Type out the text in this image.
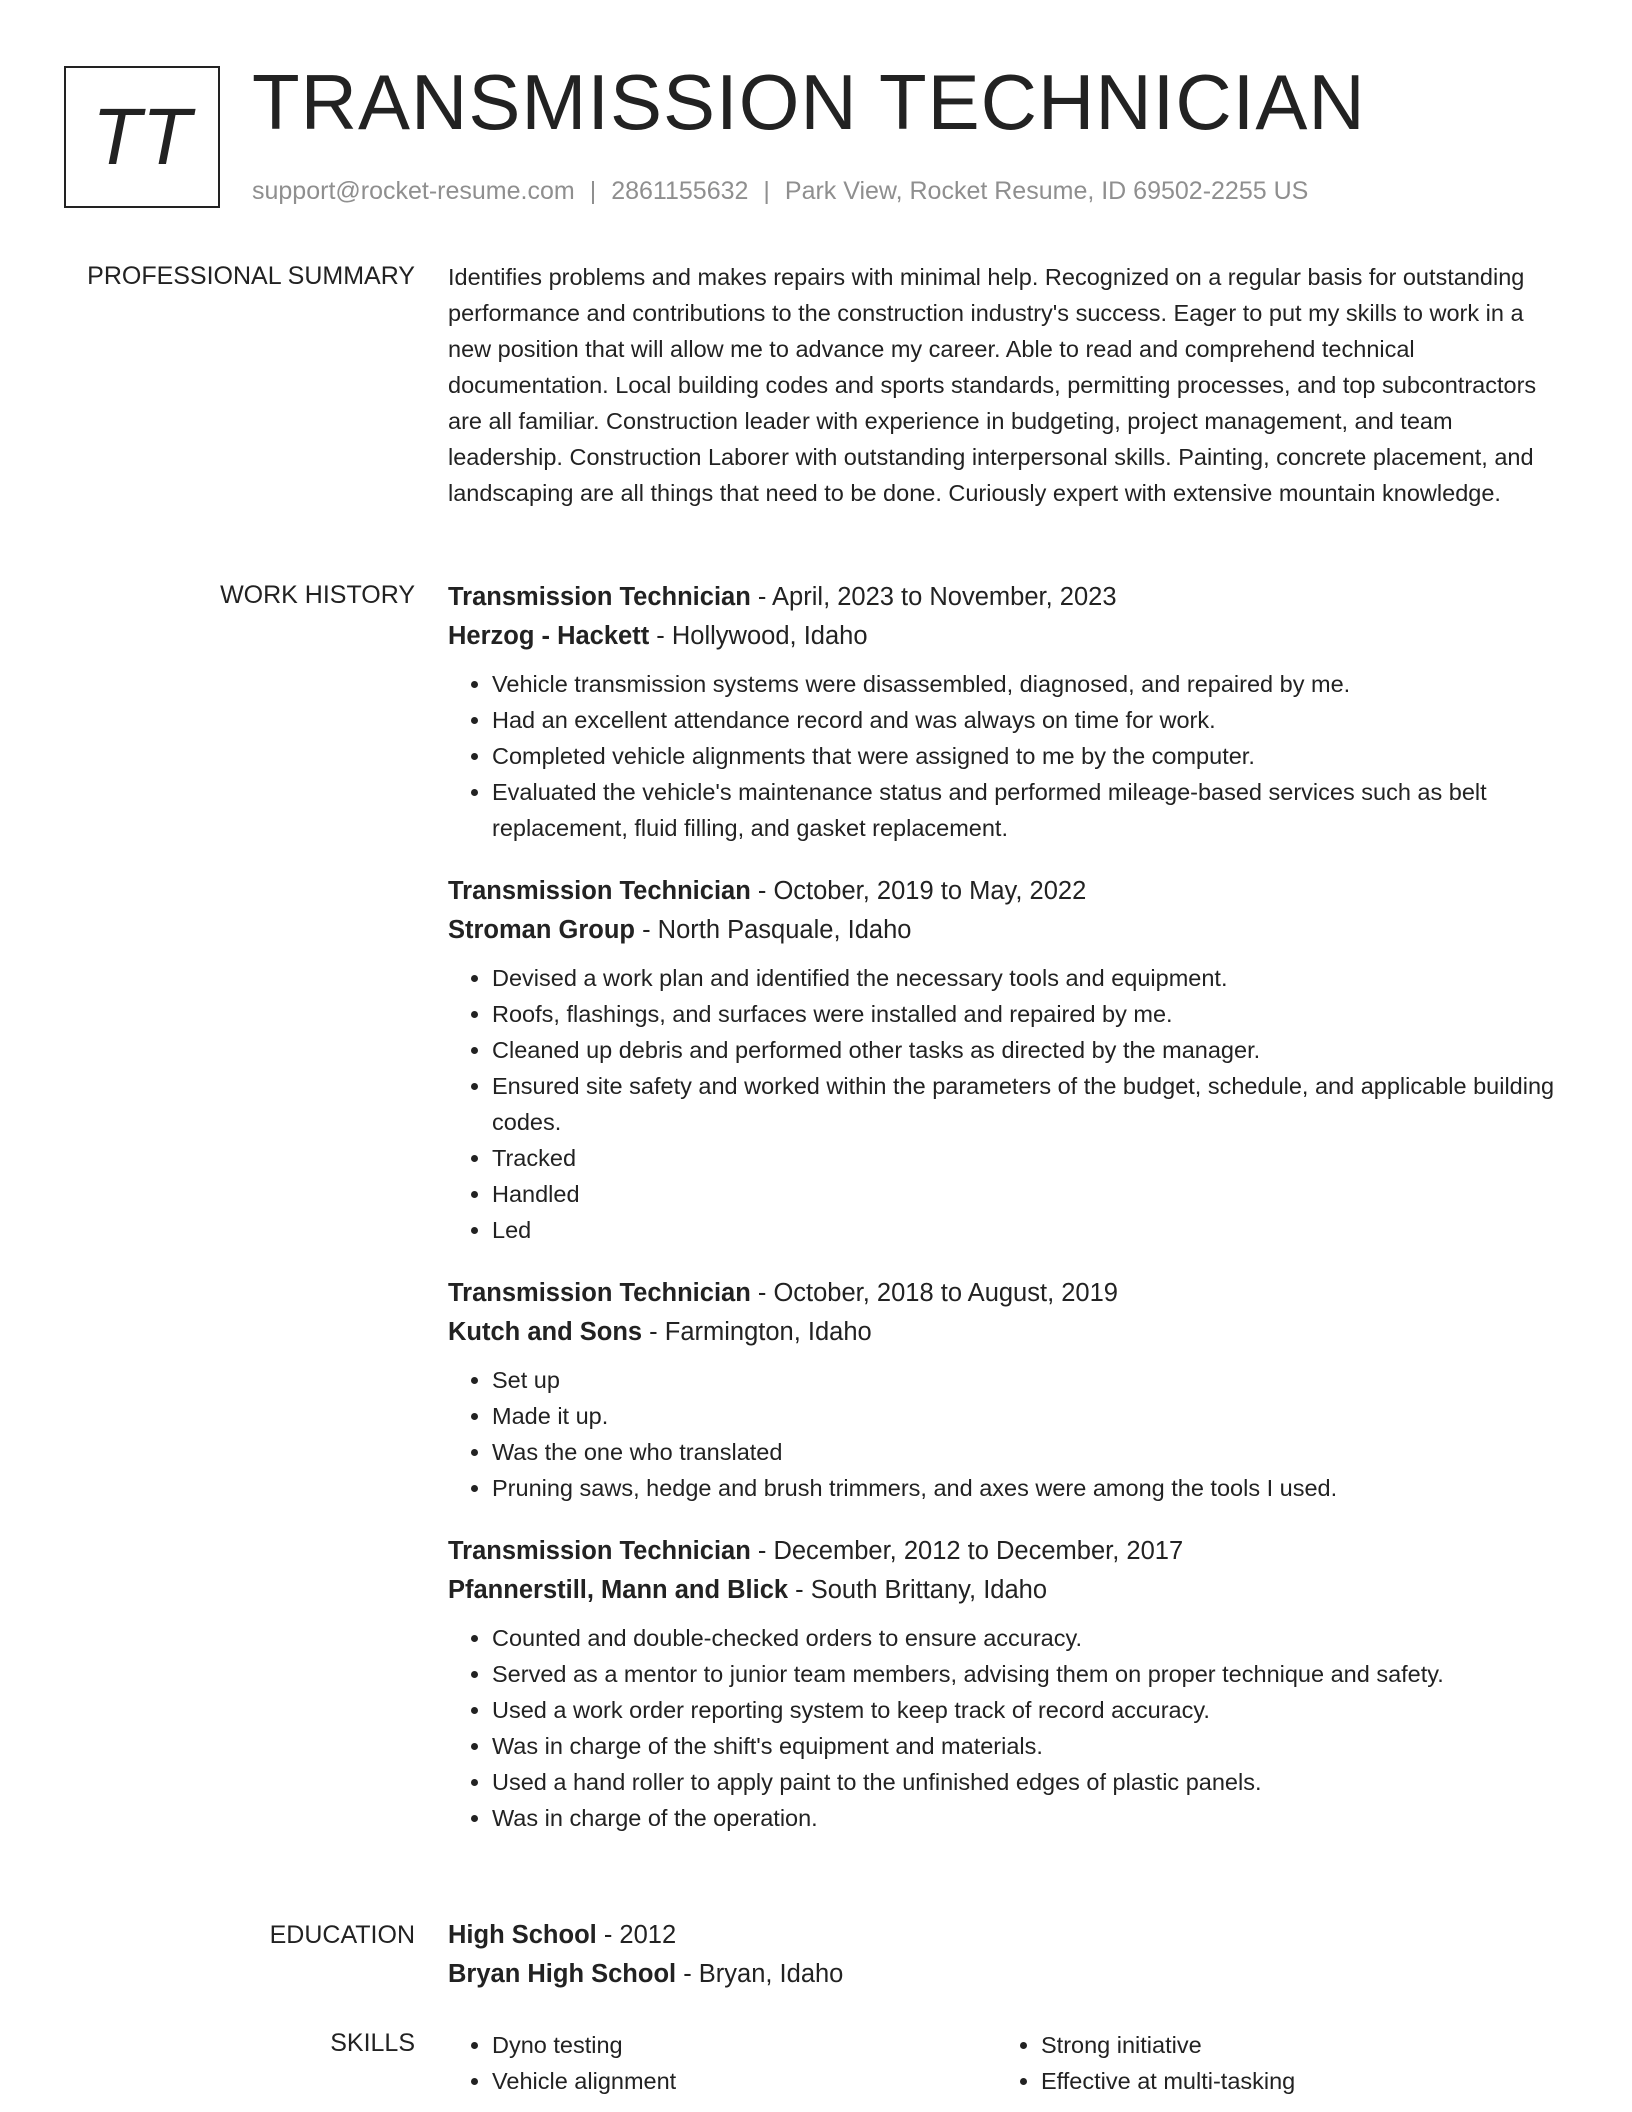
TT TRANSMISSION TECHNICIAN
support@rocket-resume.com | 2861155632 | Park View, Rocket Resume, ID 69502-2255 US
PROFESSIONAL SUMMARY Identifies problems and makes repairs with minimal help. Recognized on a regular basis for outstanding performance and contributions to the construction industry's success. Eager to put my skills to work in a new position that will allow me to advance my career. Able to read and comprehend technical documentation. Local building codes and sports standards, permitting processes, and top subcontractors are all familiar. Construction leader with experience in budgeting, project management, and team leadership. Construction Laborer with outstanding interpersonal skills. Painting, concrete placement, and landscaping are all things that need to be done. Curiously expert with extensive mountain knowledge.

WORK HISTORY Transmission Technician - April, 2023 to November, 2023
Herzog - Hackett - Hollywood, Idaho
• Vehicle transmission systems were disassembled, diagnosed, and repaired by me.
• Had an excellent attendance record and was always on time for work.
• Completed vehicle alignments that were assigned to me by the computer.
• Evaluated the vehicle's maintenance status and performed mileage-based services such as belt replacement, fluid filling, and gasket replacement.
Transmission Technician - October, 2019 to May, 2022
Stroman Group - North Pasquale, Idaho
• Devised a work plan and identified the necessary tools and equipment.
• Roofs, flashings, and surfaces were installed and repaired by me.
• Cleaned up debris and performed other tasks as directed by the manager.
• Ensured site safety and worked within the parameters of the budget, schedule, and applicable building codes.
• Tracked
• Handled
• Led
Transmission Technician - October, 2018 to August, 2019
Kutch and Sons - Farmington, Idaho
• Set up
• Made it up.
• Was the one who translated
• Pruning saws, hedge and brush trimmers, and axes were among the tools I used.
Transmission Technician - December, 2012 to December, 2017
Pfannerstill, Mann and Blick - South Brittany, Idaho
• Counted and double-checked orders to ensure accuracy.
• Served as a mentor to junior team members, advising them on proper technique and safety.
• Used a work order reporting system to keep track of record accuracy.
• Was in charge of the shift's equipment and materials.
• Used a hand roller to apply paint to the unfinished edges of plastic panels.
• Was in charge of the operation.
EDUCATION High School - 2012
Bryan High School - Bryan, Idaho
SKILLS
•	Dyno testing
• Vehicle alignment
• Strong initiative
• Effective at multi-tasking
